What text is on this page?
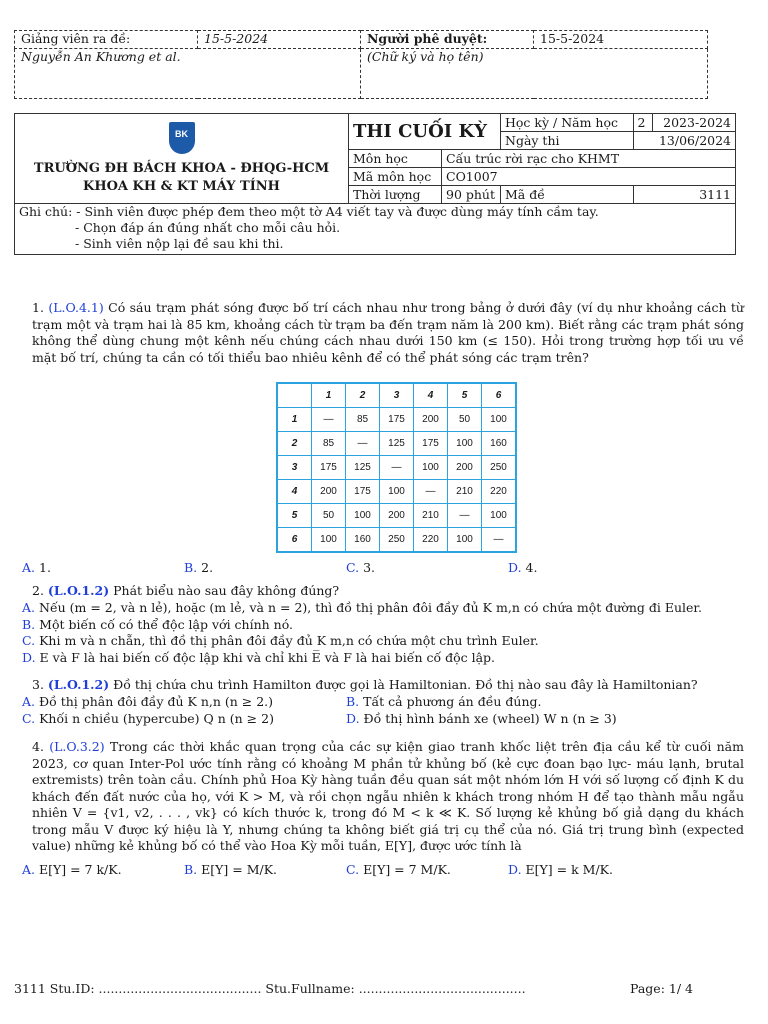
Giảng viên ra đề:	15-5-2024	Người phê duyệt:	15-5-2024
Nguyễn An Khương et al.		(Chữ ký và họ tên)	
BK
TRƯỜNG ĐH BÁCH KHOA - ĐHQG-HCM
KHOA KH & KT MÁY TÍNH	THI CUỐI KỲ		Học kỳ / Năm học	2	2023-2024
			Ngày thi	13/06/2024	
	Môn học	Cấu trúc rời rạc cho KHMT			
	Mã môn học	CO1007			
	Thời lượng	90 phút	Mã đề	3111	

Ghi chú: - Sinh viên được phép đem theo một tờ A4 viết tay và được dùng máy tính cầm tay.
- Chọn đáp án đúng nhất cho mỗi câu hỏi.
- Sinh viên nộp lại đề sau khi thi.					
1. (L.O.4.1) Có sáu trạm phát sóng được bố trí cách nhau như trong bảng ở dưới đây (ví dụ như khoảng cách từ trạm một và trạm hai là 85 km, khoảng cách từ trạm ba đến trạm năm là 200 km). Biết rằng các trạm phát sóng không thể dùng chung một kênh nếu chúng cách nhau dưới 150 km (≤ 150). Hỏi trong trường hợp tối ưu về mặt bố trí, chúng ta cần có tối thiểu bao nhiêu kênh để có thể phát sóng các trạm trên?
	1	2	3	4	5	6
1	—	85	175	200	50	100
2	85	—	125	175	100	160
3	175	125	—	100	200	250
4	200	175	100	—	210	220
5	50	100	200	210	—	100
6	100	160	250	220	100	—
A. 1.	B. 2.	C. 3.	D. 4.
2. (L.O.1.2) Phát biểu nào sau đây không đúng?
A. Nếu (m = 2, và n lẻ), hoặc (m lẻ, và n = 2), thì đồ thị phân đôi đầy đủ K m,n có chứa một đường đi Euler.
B. Một biến cố có thể độc lập với chính nó.
C. Khi m và n chẵn, thì đồ thị phân đôi đầy đủ K m,n có chứa một chu trình Euler.
D. E và F là hai biến cố độc lập khi và chỉ khi E̅ và F là hai biến cố độc lập.
3. (L.O.1.2) Đồ thị chứa chu trình Hamilton được gọi là Hamiltonian. Đồ thị nào sau đây là Hamiltonian?
A. Đồ thị phân đôi đầy đủ K n,n (n ≥ 2.)	B. Tất cả phương án đều đúng.
C. Khối n chiều (hypercube) Q n (n ≥ 2)	D. Đồ thị hình bánh xe (wheel) W n (n ≥ 3)
4. (L.O.3.2) Trong các thời khắc quan trọng của các sự kiện giao tranh khốc liệt trên địa cầu kể từ cuối năm 2023, cơ quan Inter-Pol ước tính rằng có khoảng M phần tử khủng bố (kẻ cực đoan bạo lực- máu lạnh, brutal extremists) trên toàn cầu. Chính phủ Hoa Kỳ hàng tuần đều quan sát một nhóm lớn H với số lượng cố định K du khách đến đất nước của họ, với K > M, và rồi chọn ngẫu nhiên k khách trong nhóm H để tạo thành mẫu ngẫu nhiên V = {v1, v2, . . . , vk} có kích thước k, trong đó M < k ≪ K. Số lượng kẻ khủng bố giả dạng du khách trong mẫu V được ký hiệu là Y, nhưng chúng ta không biết giá trị cụ thể của nó. Giá trị trung bình (expected value) những kẻ khủng bố có thể vào Hoa Kỳ mỗi tuần, E[Y], được ước tính là
A. E[Y] = 7 k/K.	B. E[Y] = M/K.	C. E[Y] = 7 M/K.	D. E[Y] = k M/K.
3111 Stu.ID: ......................................... Stu.Fullname: ..........................................	Page: 1/ 4
